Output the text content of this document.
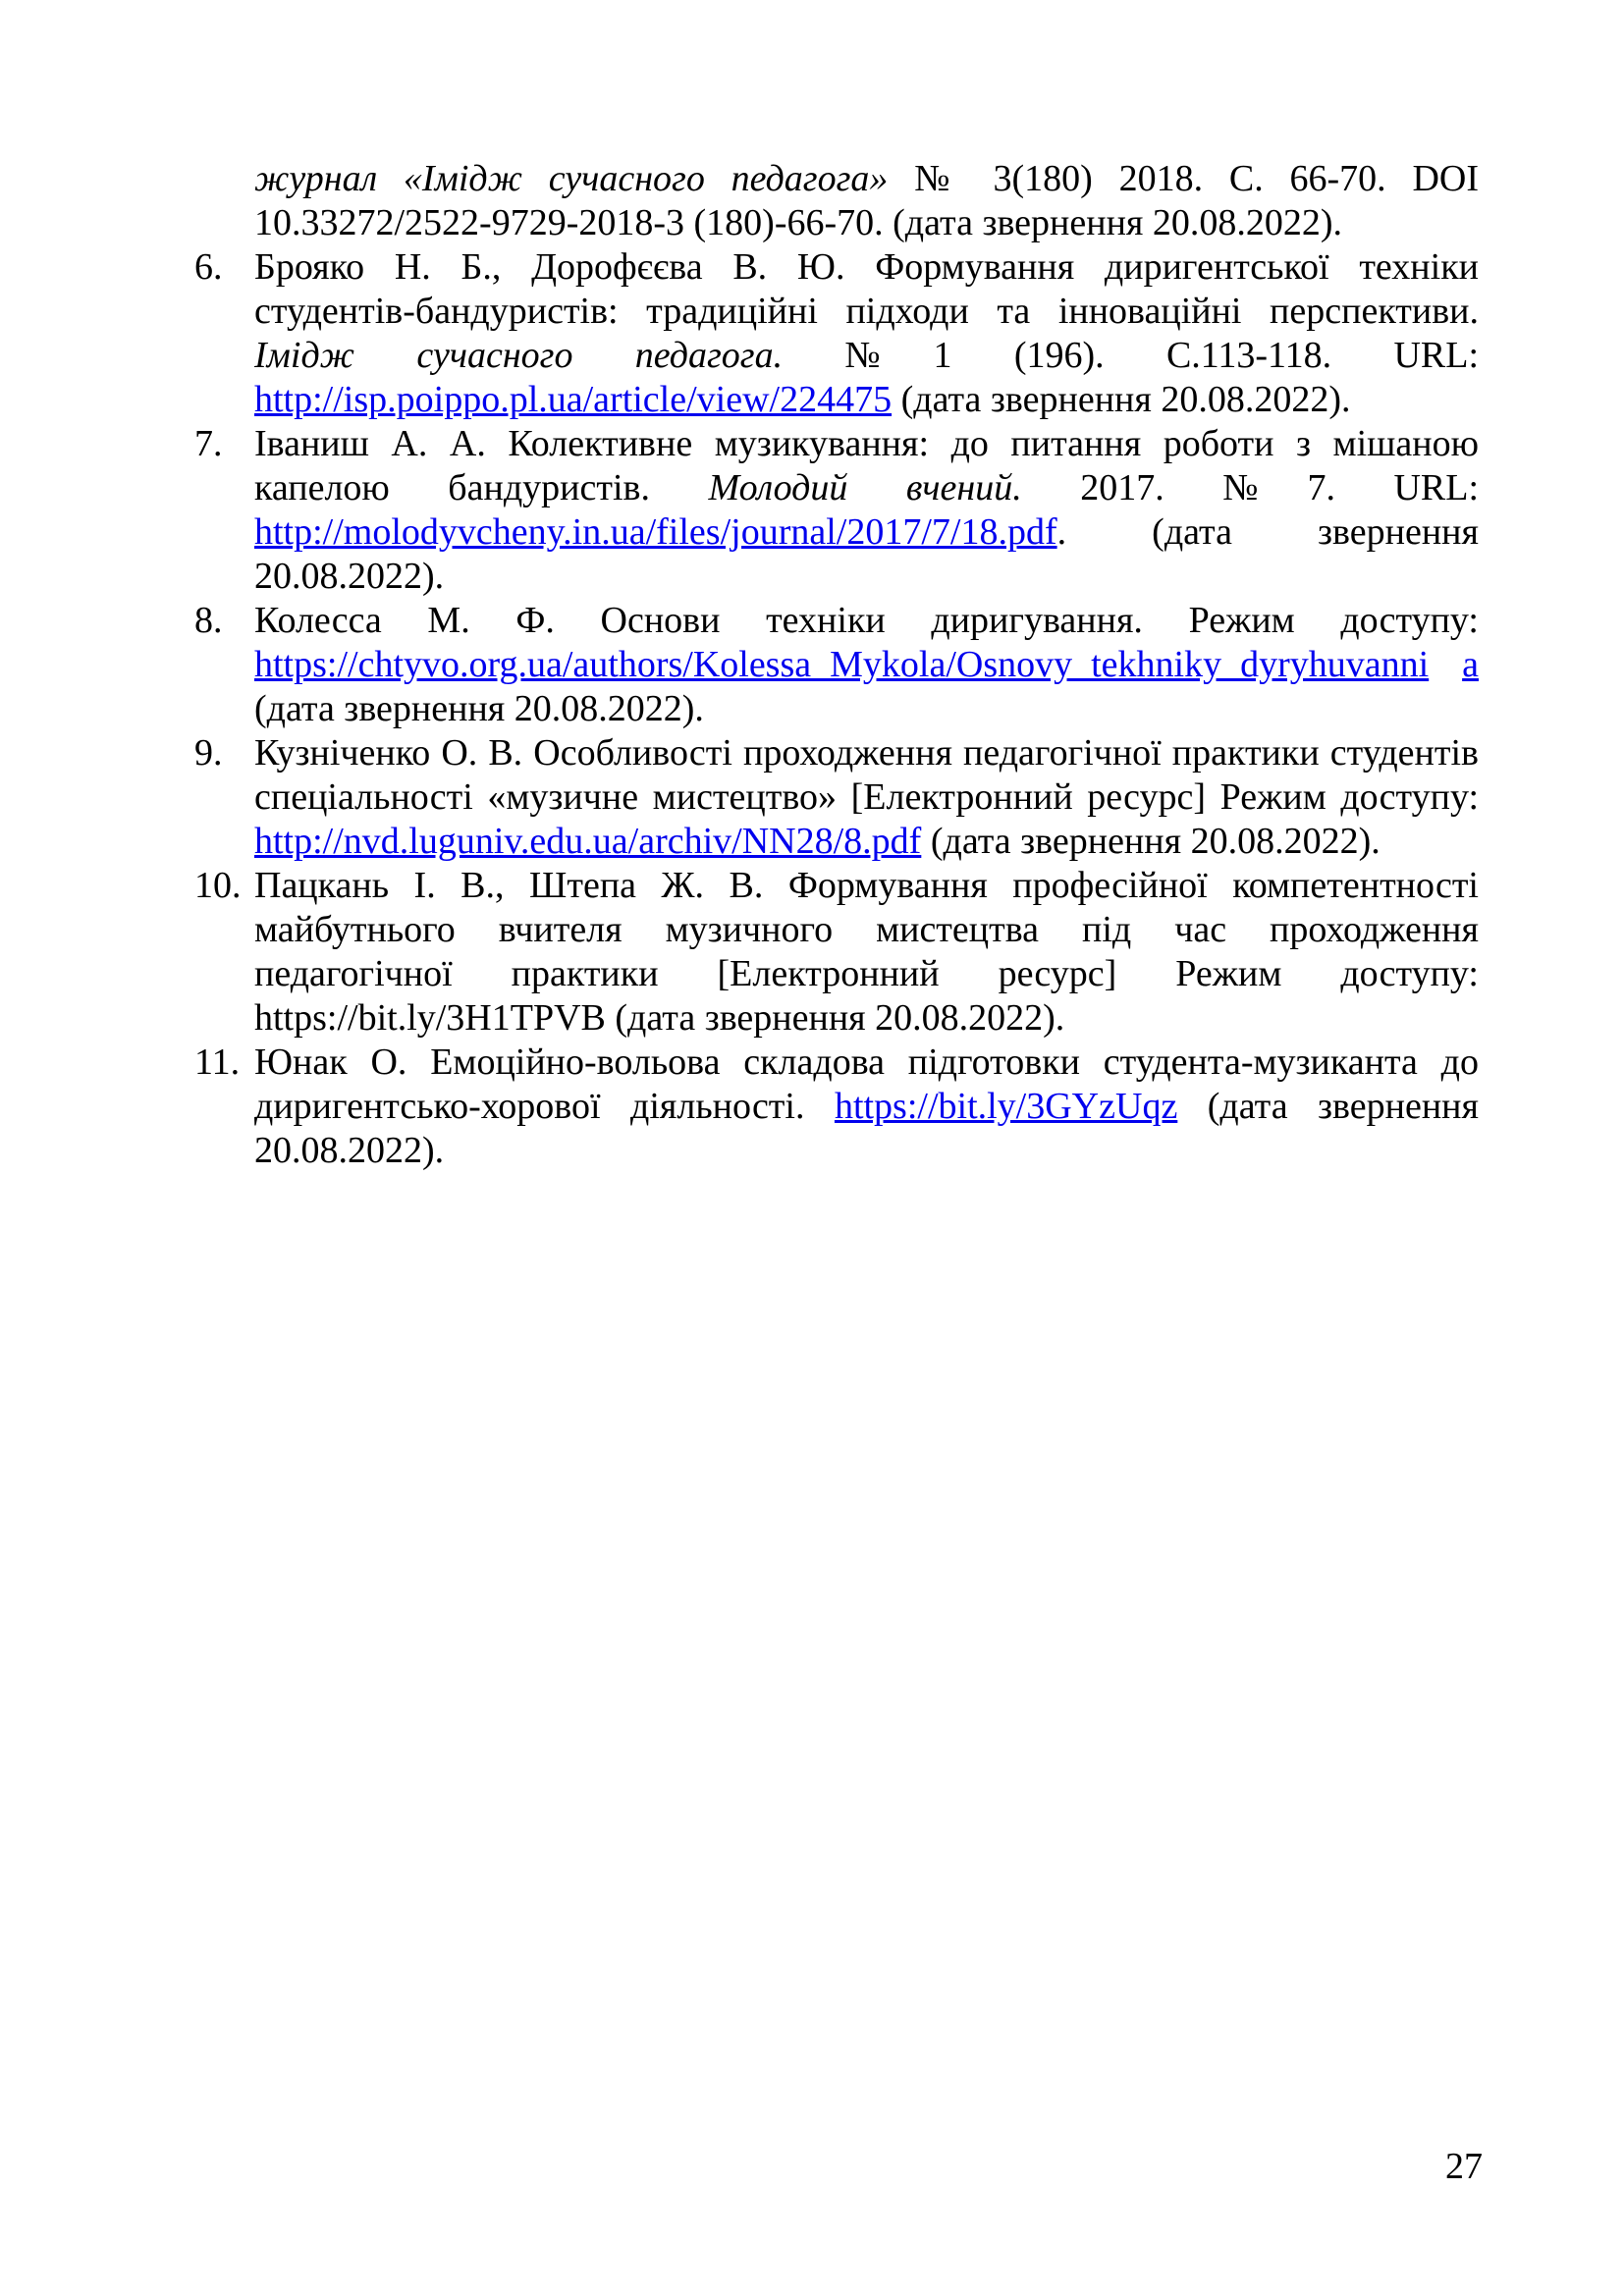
журнал «Імідж сучасного педагога» № 3(180) 2018. С. 66-70. DOI 10.33272/2522-9729-2018-3 (180)-66-70. (дата звернення 20.08.2022).
6. Брояко Н. Б., Дорофєєва В. Ю. Формування диригентської техніки студентів-бандуристів: традиційні підходи та інноваційні перспективи. Імідж сучасного педагога. №1 (196). С.113-118. URL: http://isp.poippo.pl.ua/article/view/224475 (дата звернення 20.08.2022).
7. Іваниш А. А. Колективне музикування: до питання роботи з мішаною капелою бандуристів. Молодий вчений. 2017. №7. URL: http://molodyvcheny.in.ua/files/journal/2017/7/18.pdf. (дата звернення 20.08.2022).
8. Колесса М. Ф. Основи техніки диригування. Режим доступу: https://chtyvo.org.ua/authors/Kolessa_Mykola/Osnovy_tekhniky_dyryhuvanni a (дата звернення 20.08.2022).
9. Кузніченко О. В. Особливості проходження педагогічної практики студентів спеціальності «музичне мистецтво» [Електронний ресурс] Режим доступу: http://nvd.luguniv.edu.ua/archiv/NN28/8.pdf (дата звернення 20.08.2022).
10. Пацкань І. В., Штепа Ж. В. Формування професійної компетентності майбутнього вчителя музичного мистецтва під час проходження педагогічної практики [Електронний ресурс] Режим доступу: https://bit.ly/3H1TPVB (дата звернення 20.08.2022).
11. Юнак О. Емоційно-вольова складова підготовки студента-музиканта до диригентсько-хорової діяльності. https://bit.ly/3GYzUqz (дата звернення 20.08.2022).
27
